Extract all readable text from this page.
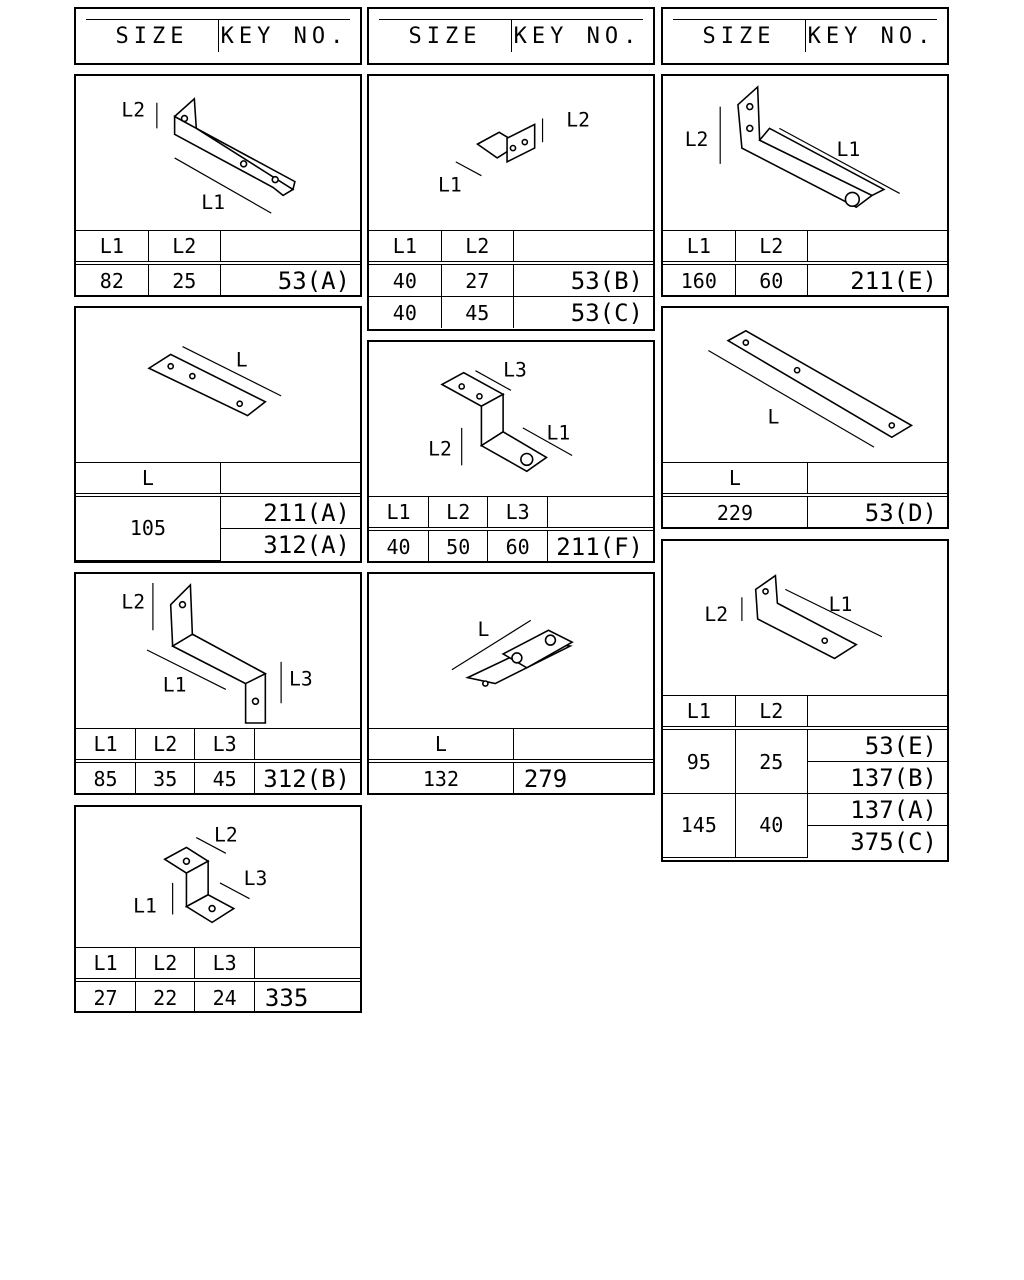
SIZE	KEY NO.	SIZE	KEY NO.	SIZE	KEY NO.
L2
L1
L1	L2	
82	25	53(A)
L1
L2
L1	L2	
40	27	53(B)
40	45	53(C)
L2	L1
L1	L2	
160	60	211(E)
L
L	
105	211(A)
	312(A)
L3
L2
L1
L1	L2	L3	
40	50	60	211(F)
L
L	
229	53(D)
L2
L1	L3
L1	L2	L3	
85	35	45	312(B)
L
L	
132	279
L2	L1
L1	L2	
95	25	53(E)
		137(B)
145	40	137(A)
		375(C)
L2
L1
L3
L1	L2	L3	
27	22	24	335
